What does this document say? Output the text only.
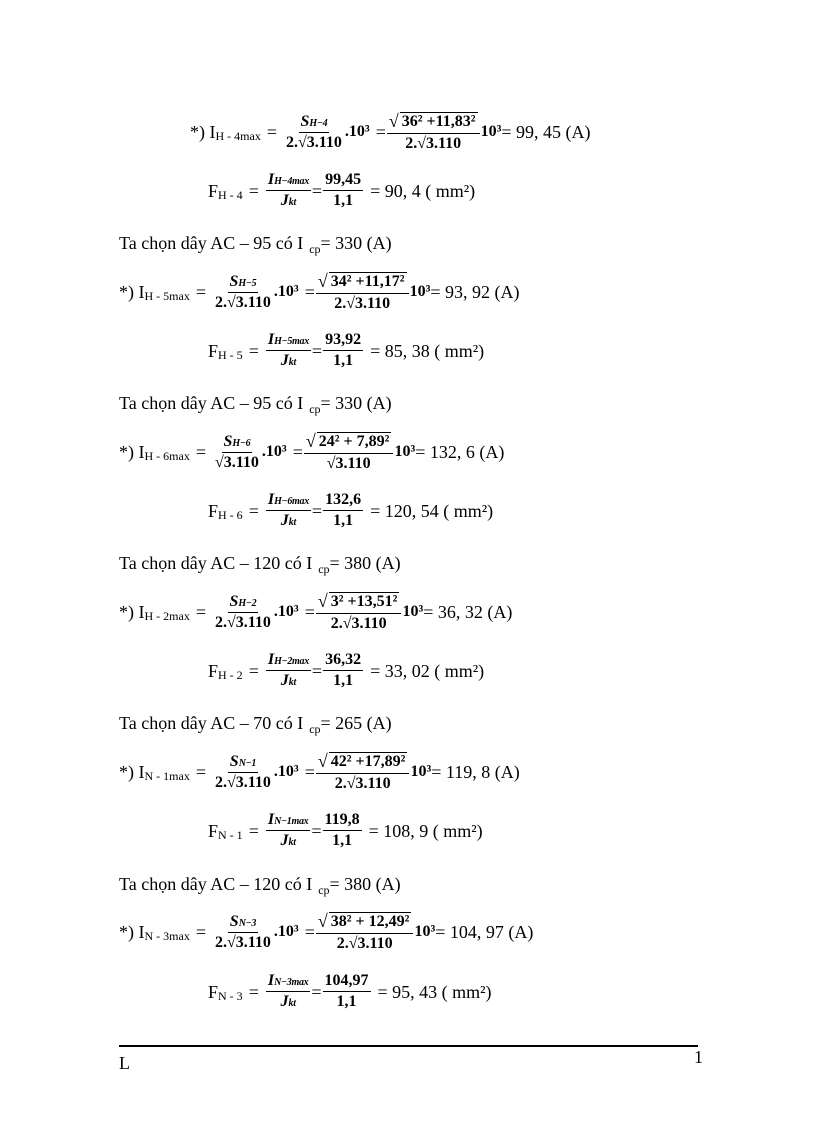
*) I $H - 4\max = \frac{SH-4}{2.√3.110}$ . $10^3 = \frac{\text{√ 36² +11,83²}}{2.√3.110} 10^3 = 99$, 45 (A)
F $H - 4 = \frac{IH-4\max}{\text{Jkt}} = \frac{99,45}{1,1} = 90$, 4 ( mm²)
Ta chọn dây AC – 95 có I $_{cp}$= 330 (A)
*) I $H - 5\max = \frac{SH-5}{2.√3.110}$ . $10^3 = \frac{\text{√ 34² +11,17²}}{2.√3.110} 10^3 = 93$, 92 (A)
F $H - 5 = \frac{IH-5\max}{\text{Jkt}} = \frac{93,92}{1,1} = 85$, 38 ( mm²)
Ta chọn dây AC – 95 có I $_{cp}$= 330 (A)
*) I $H - 6\max = \frac{SH-6}{√3.110}$ . $10^3 = \frac{\text{√ 24² + 7,89²}}{√3.110} 10^3 = 132$, 6 (A)
F $H - 6 = \frac{IH-6\max}{\text{Jkt}} = \frac{132,6}{1,1} = 120$, 54 ( mm²)
Ta chọn dây AC – 120 có I $_{cp}$= 380 (A)
*) I $H - 2\max = \frac{SH-2}{2.√3.110}$ . $10^3 = \frac{\text{√ 3² +13,51²}}{2.√3.110} 10^3 = 36$, 32 (A)
F $H - 2 = \frac{IH-2\max}{\text{Jkt}} = \frac{36,32}{1,1} = 33$, 02 ( mm²)
Ta chọn dây AC – 70 có I $_{cp}$= 265 (A)
*) I $N - 1\max = \frac{SN-1}{2.√3.110}$ . $10^3 = \frac{\text{√ 42² +17,89²}}{2.√3.110} 10^3 = 119$, 8 (A)
F $N - 1 = \frac{IN-1\max}{\text{Jkt}} = \frac{119,8}{1,1} = 108$, 9 ( mm²)
Ta chọn dây AC – 120 có I $_{cp}$= 380 (A)
*) I $N - 3\max = \frac{SN-3}{2.√3.110}$ . $10^3 = \frac{\text{√ 38² + 12,49²}}{2.√3.110} 10^3 = 104$, 97 (A)
F $N - 3 = \frac{IN-3\max}{\text{Jkt}} = \frac{104,97}{1,1} = 95$, 43 ( mm²)
L	1
